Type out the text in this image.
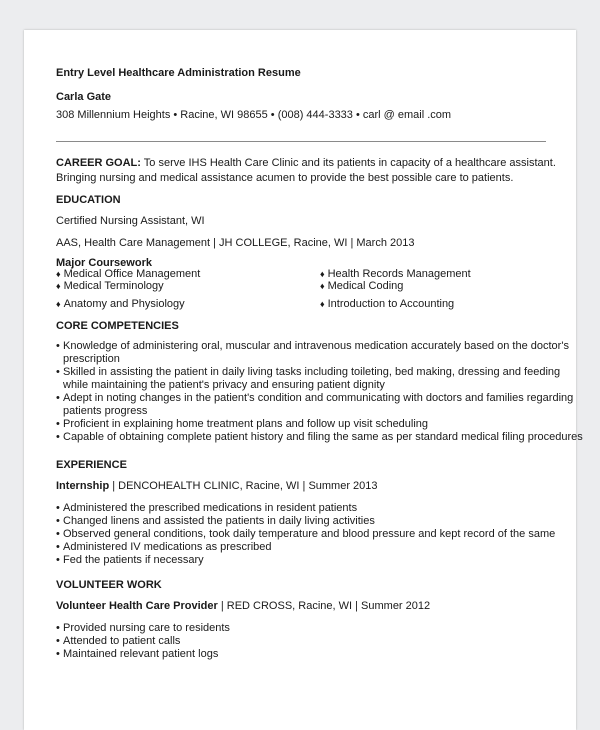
Entry Level Healthcare Administration Resume
Carla Gate
308 Millennium Heights • Racine, WI 98655 • (008) 444-3333 • carl @ email .com
CAREER GOAL: To serve IHS Health Care Clinic and its patients in capacity of a healthcare assistant.
Bringing nursing and medical assistance acumen to provide the best possible care to patients.
EDUCATION
Certified Nursing Assistant, WI
AAS, Health Care Management | JH COLLEGE, Racine, WI | March 2013
Major Coursework
♦ Medical Office Management
♦ Medical Terminology
♦ Anatomy and Physiology
♦ Health Records Management
♦ Medical Coding
♦ Introduction to Accounting
CORE COMPETENCIES
• Knowledge of administering oral, muscular and intravenous medication accurately based on the doctor's
prescription
• Skilled in assisting the patient in daily living tasks including toileting, bed making, dressing and feeding
while maintaining the patient's privacy and ensuring patient dignity
• Adept in noting changes in the patient's condition and communicating with doctors and families regarding
patients progress
• Proficient in explaining home treatment plans and follow up visit scheduling
• Capable of obtaining complete patient history and filing the same as per standard medical filing procedures
EXPERIENCE
Internship | DENCOHEALTH CLINIC, Racine, WI | Summer 2013
• Administered the prescribed medications in resident patients
• Changed linens and assisted the patients in daily living activities
• Observed general conditions, took daily temperature and blood pressure and kept record of the same
• Administered IV medications as prescribed
• Fed the patients if necessary
VOLUNTEER WORK
Volunteer Health Care Provider | RED CROSS, Racine, WI | Summer 2012
• Provided nursing care to residents
• Attended to patient calls
• Maintained relevant patient logs
